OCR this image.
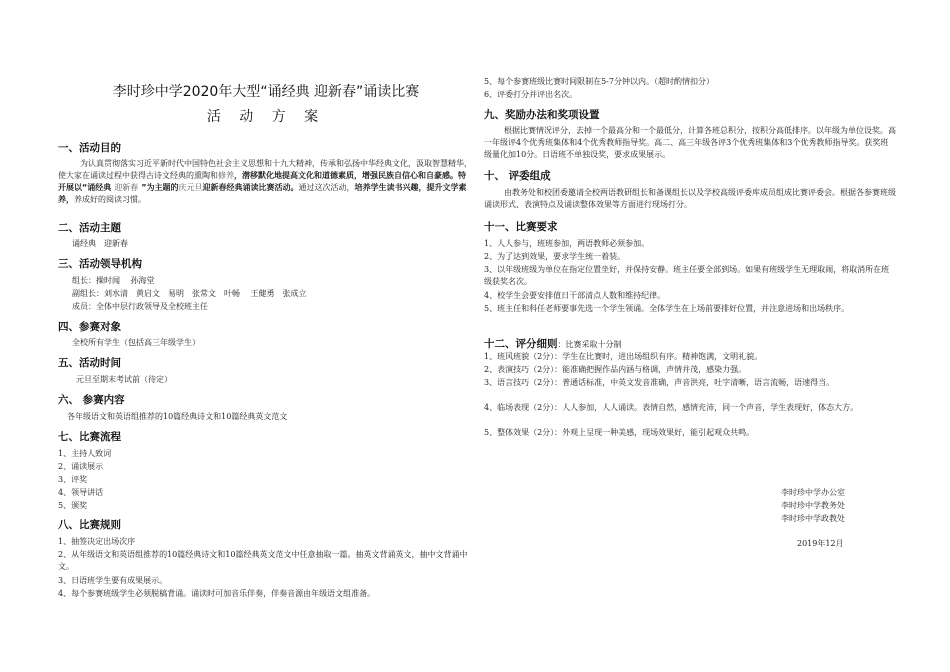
李时珍中学2020年大型“诵经典 迎新春”诵读比赛
活 动 方 案
一、活动目的
为认真贯彻落实习近平新时代中国特色社会主义思想和十九大精神，传承和弘扬中华经典文化，汲取智慧精华，使大家在诵读过程中获得古诗文经典的熏陶和修养，潜移默化地提高文化和道德素质，增强民族自信心和自豪感。特开展以“诵经典 迎新春 ”为主题的庆元旦迎新春经典诵读比赛活动。通过这次活动，培养学生读书兴趣，提升文学素养，养成好的阅读习惯。
二、活动主题
诵经典　迎新春
三、活动领导机构
组长：操时闻　 孙海堂
副组长：刘水清　黄启文　易明　张常文　叶畅　 王健勇　张成立
成员：全体中层行政领导及全校班主任
四、参赛对象
全校所有学生（包括高三年级学生）
五、活动时间
元旦至期末考试前（待定）
六、 参赛内容
各年级语文和英语组推荐的10篇经典诗文和10篇经典英文范文
七、比赛流程
1、主持人致词
2、诵读展示
3、评奖
4、领导讲话
5、颁奖
八、比赛规则
1、抽签决定出场次序
2、从年级语文和英语组推荐的10篇经典诗文和10篇经典英文范文中任意抽取一篇。抽英文背诵英文，抽中文背诵中文。
3、日语班学生要有成果展示。
4、每个参赛班级学生必须脱稿背诵。诵读时可加音乐伴奏，伴奏音源由年级语文组准备。
5、每个参赛班级比赛时间限制在5-7分钟以内。（超时酌情扣分）
6、评委打分并评出名次。
九、奖励办法和奖项设置
根据比赛情况评分，去掉一个最高分和一个最低分，计算各班总积分，按积分高低排序。以年级为单位设奖。高一年级评4个优秀班集体和4个优秀教师指导奖。高二、高三年级各评3个优秀班集体和3个优秀教师指导奖。获奖班级量化加10分。日语班不单独设奖，要求成果展示。
十、 评委组成
由教务处和校团委邀请全校两语教研组长和备课组长以及学校高级评委库成员组成比赛评委会。根据各参赛班级诵读形式、表演特点及诵读整体效果等方面进行现场打分。
十一、比赛要求
1、人人参与，班班参加，两语教师必须参加。
2、为了达到效果，要求学生统一着装。
3、以年级班级为单位在指定位置坐好，并保持安静。班主任要全部到场。如果有班级学生无理取闹，将取消所在班级获奖名次。
4、校学生会要安排值日干部清点人数和维持纪律。
5、班主任和科任老师要事先选一个学生领诵。全体学生在上场前要排好位置，并注意进场和出场秩序。
十二、评分细则：比赛采取十分制
1、班风班貌（2分）：学生在比赛时，进出场组织有序。精神饱满，文明礼貌。
2、表演技巧（2分）：能准确把握作品内涵与格调，声情并茂，感染力强。
3、语言技巧（2分）：普通话标准，中英文发音准确，声音洪亮，吐字清晰，语言流畅，语速得当。
4、临场表现（2分）：人人参加，人人诵读。表情自然，感情充沛，同一个声音，学生表现好，体态大方。
5、整体效果（2分）：外观上呈现一种美感，现场效果好，能引起观众共鸣。
李时珍中学办公室
李时珍中学教务处
李时珍中学政教处
2019年12月
